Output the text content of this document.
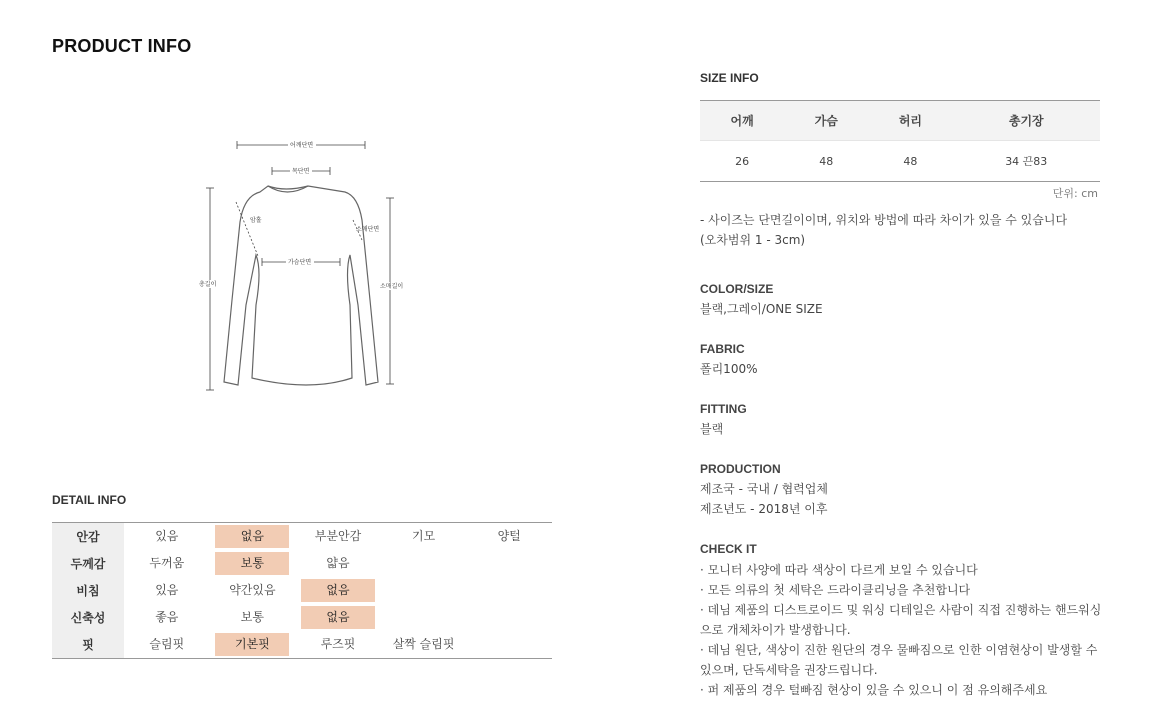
PRODUCT INFO
어깨단면
목단면
암홀
소매단면
가슴단면
총길이	소매길이
DETAIL INFO
안감	있음	없음	부분안감	기모	양털
두께감	두꺼움	보통	얇음		
비침	있음	약간있음	없음		
신축성	좋음	보통	없음		
핏	슬림핏	기본핏	루즈핏	살짝 슬림핏	
SIZE INFO
어깨	가슴	허리	총기장
26	48	48	34 끈83
단위: cm
- 사이즈는 단면길이이며, 위치와 방법에 따라 차이가 있을 수 있습니다
(오차범위 1 - 3cm)
COLOR/SIZE
블랙,그레이/ONE SIZE
FABRIC
폴리100%
FITTING
블랙
PRODUCTION
제조국 - 국내 / 협력업체
제조년도 - 2018년 이후
CHECK IT
· 모니터 사양에 따라 색상이 다르게 보일 수 있습니다
· 모든 의류의 첫 세탁은 드라이클리닝을 추천합니다
· 데님 제품의 디스트로이드 및 워싱 디테일은 사람이 직접 진행하는 핸드워싱으로 개체차이가 발생합니다.
· 데님 원단, 색상이 진한 원단의 경우 물빠짐으로 인한 이염현상이 발생할 수 있으며, 단독세탁을 권장드립니다.
· 퍼 제품의 경우 털빠짐 현상이 있을 수 있으니 이 점 유의해주세요
